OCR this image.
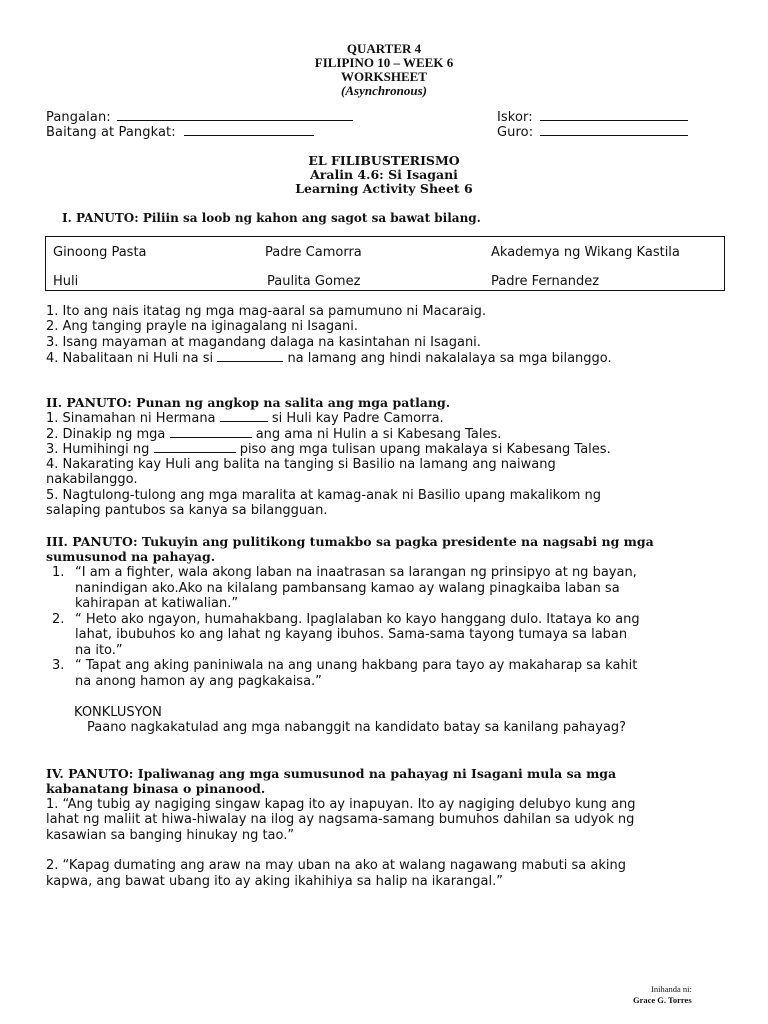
QUARTER 4
FILIPINO 10 – WEEK 6
WORKSHEET
(Asynchronous)
Pangalan:
Baitang at Pangkat:
Iskor:
Guro:
EL FILIBUSTERISMO
Aralin 4.6: Si Isagani
Learning Activity Sheet 6
I. PANUTO: Piliin sa loob ng kahon ang sagot sa bawat bilang.
Ginoong Pasta	Padre Camorra	Akademya ng Wikang Kastila
Huli	Paulita Gomez	Padre Fernandez
1. Ito ang nais itatag ng mga mag-aaral sa pamumuno ni Macaraig.
2. Ang tanging prayle na iginagalang ni Isagani.
3. Isang mayaman at magandang dalaga na kasintahan ni Isagani.
4. Nabalitaan ni Huli na si	na lamang ang hindi nakalalaya sa mga bilanggo.
II. PANUTO: Punan ng angkop na salita ang mga patlang.
1. Sinamahan ni Hermana	si Huli kay Padre Camorra.
2. Dinakip ng mga	ang ama ni Hulin a si Kabesang Tales.
3. Humihingi ng	piso ang mga tulisan upang makalaya si Kabesang Tales.
4. Nakarating kay Huli ang balita na tanging si Basilio na lamang ang naiwang
nakabilanggo.
5. Nagtulong-tulong ang mga maralita at kamag-anak ni Basilio upang makalikom ng
salaping pantubos sa kanya sa bilangguan.
III. PANUTO: Tukuyin ang pulitikong tumakbo sa pagka presidente na nagsabi ng mga
sumusunod na pahayag.
1. “I am a fighter, wala akong laban na inaatrasan sa larangan ng prinsipyo at ng bayan,
nanindigan ako.Ako na kilalang pambansang kamao ay walang pinagkaiba laban sa
kahirapan at katiwalian.”
2. “ Heto ako ngayon, humahakbang. Ipaglalaban ko kayo hanggang dulo. Itataya ko ang
lahat, ibubuhos ko ang lahat ng kayang ibuhos. Sama-sama tayong tumaya sa laban
na ito.”
3. “ Tapat ang aking paniniwala na ang unang hakbang para tayo ay makaharap sa kahit
na anong hamon ay ang pagkakaisa.”
KONKLUSYON
Paano nagkakatulad ang mga nabanggit na kandidato batay sa kanilang pahayag?
IV. PANUTO: Ipaliwanag ang mga sumusunod na pahayag ni Isagani mula sa mga
kabanatang binasa o pinanood.
1. “Ang tubig ay nagiging singaw kapag ito ay inapuyan. Ito ay nagiging delubyo kung ang
lahat ng maliit at hiwa-hiwalay na ilog ay nagsama-samang bumuhos dahilan sa udyok ng
kasawian sa banging hinukay ng tao.”
2. “Kapag dumating ang araw na may uban na ako at walang nagawang mabuti sa aking
kapwa, ang bawat ubang ito ay aking ikahihiya sa halip na ikarangal.”
Inihanda ni:
Grace G. Torres
